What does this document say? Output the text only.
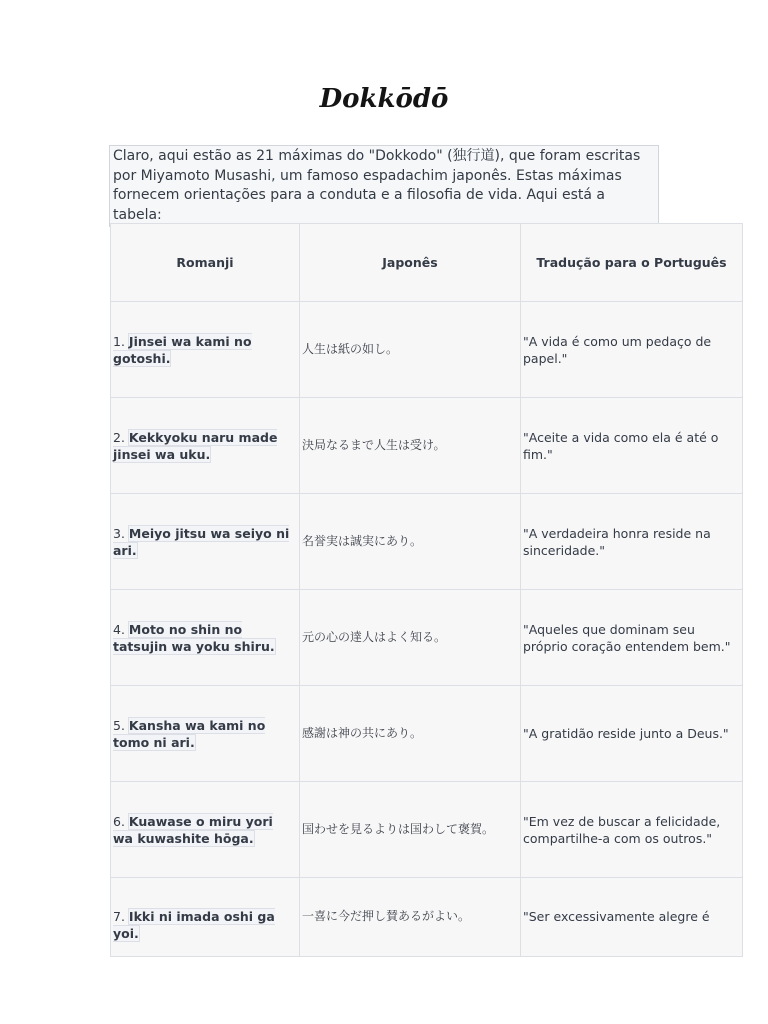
Dokkōdō
Claro, aqui estão as 21 máximas do "Dokkodo" (独行道), que foram escritas por Miyamoto Musashi, um famoso espadachim japonês. Estas máximas fornecem orientações para a conduta e a filosofia de vida. Aqui está a tabela:
Romanji	Japonês	Tradução para o Português
1. Jinsei wa kami no gotoshi.	人生は紙の如し。	"A vida é como um pedaço de papel."
2. Kekkyoku naru made jinsei wa uku.	決局なるまで人生は受け。	"Aceite a vida como ela é até o fim."
3. Meiyo jitsu wa seiyo ni ari.	名誉実は誠実にあり。	"A verdadeira honra reside na sinceridade."
4. Moto no shin no tatsujin wa yoku shiru.	元の心の達人はよく知る。	"Aqueles que dominam seu próprio coração entendem bem."
5. Kansha wa kami no tomo ni ari.	感謝は神の共にあり。	"A gratidão reside junto a Deus."
6. Kuawase o miru yori wa kuwashite hōga.	国わせを見るよりは国わして褒賀。	"Em vez de buscar a felicidade, compartilhe-a com os outros."
7. Ikki ni imada oshi ga yoi.	一喜に今だ押し賛あるがよい。	"Ser excessivamente alegre é
